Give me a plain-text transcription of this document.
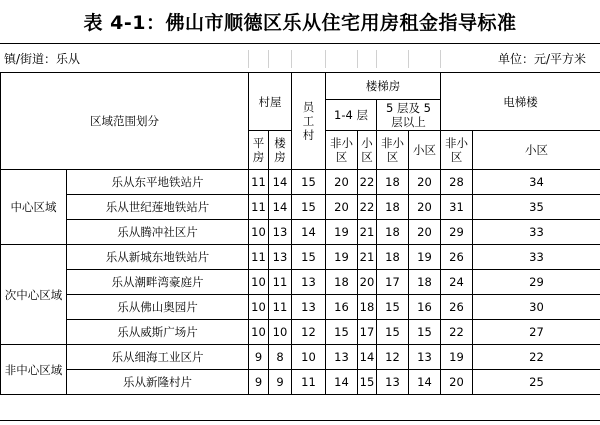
表 4-1：佛山市顺德区乐从住宅用房租金指导标准
镇/街道：乐从	单位：元/平方米
区域范围划分		村屋		员工村	楼梯房				电梯楼	
					1-4 层		5 层及 5 层以上			
		平房	楼房		非小区	小区	非小区	小区	非小区	小区
中心区域	乐从东平地铁站片	11	14	15	20	22	18	20	28	34
	乐从世纪莲地铁站片	11	14	15	20	22	18	20	31	35
	乐从腾冲社区片	10	13	14	19	21	18	20	29	33
次中心区域	乐从新城东地铁站片	11	13	15	19	21	18	19	26	33
	乐从潮畔湾豪庭片	10	11	13	18	20	17	18	24	29
	乐从佛山奥园片	10	11	13	16	18	15	16	26	30
	乐从威斯广场片	10	10	12	15	17	15	15	22	27
非中心区域	乐从细海工业区片	9	8	10	13	14	12	13	19	22
	乐从新隆村片	9	9	11	14	15	13	14	20	25
